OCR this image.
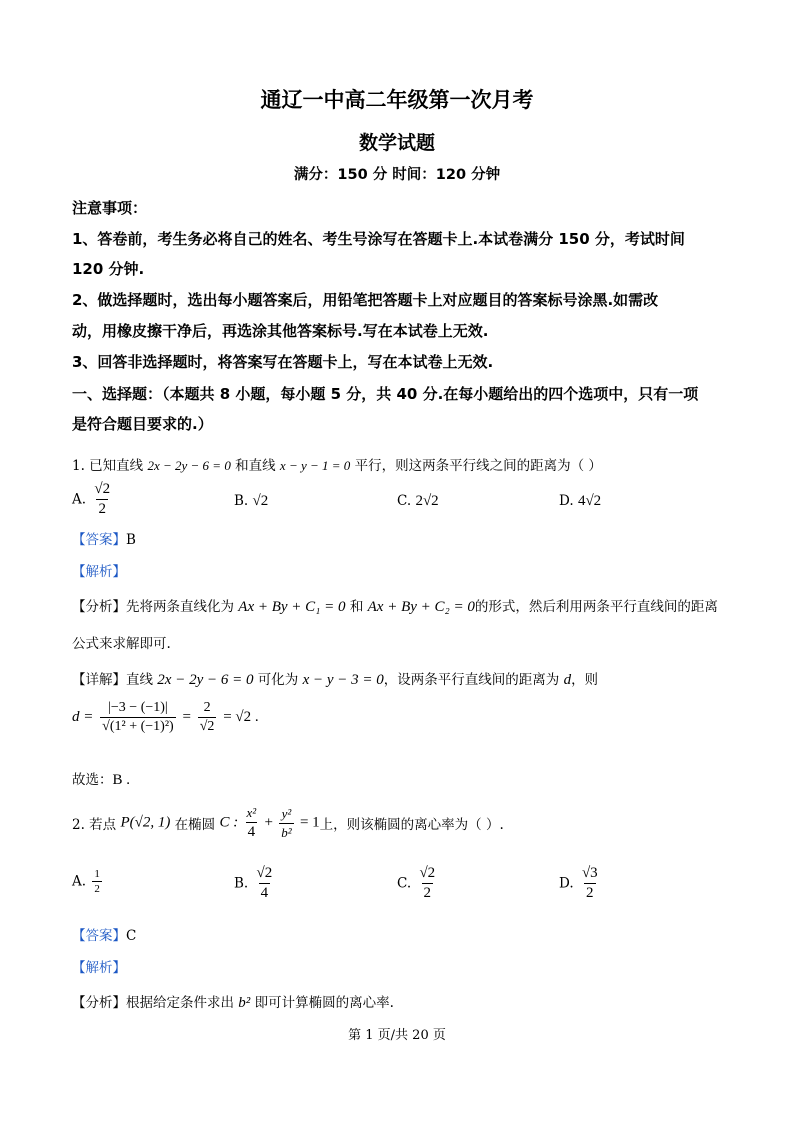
通辽一中高二年级第一次月考
数学试题
满分：150 分 时间：120 分钟
注意事项：
1、答卷前，考生务必将自己的姓名、考生号涂写在答题卡上.本试卷满分 150 分，考试时间
120 分钟.
2、做选择题时，选出每小题答案后，用铅笔把答题卡上对应题目的答案标号涂黑.如需改
动，用橡皮擦干净后，再选涂其他答案标号.写在本试卷上无效.
3、回答非选择题时，将答案写在答题卡上，写在本试卷上无效.
一、选择题：（本题共 8 小题，每小题 5 分，共 40 分.在每小题给出的四个选项中，只有一项
是符合题目要求的.）
1. 已知直线 2x − 2y − 6 = 0 和直线 x − y − 1 = 0 平行，则这两条平行线之间的距离为（ ）
A. $\frac{√2}{2}$	B. √2	C. 2√2	D. 4√2
【答案】B
【解析】
【分析】先将两条直线化为 Ax + By + C₁ = 0 和 Ax + By + C₂ = 0的形式，然后利用两条平行直线间的距离
公式来求解即可.
【详解】直线 2x − 2y − 6 = 0 可化为 x − y − 3 = 0，设两条平行直线间的距离为 d，则
$d = \frac{|-3 - (-1)|}{\text{√(1² + (−1)²)}} = \frac{2}{√2} = √2$ .
故选：B .
2. 若点 P(√2, 1) 在椭圆 C : $\frac{\text{x²}}{4} + \frac{\text{y²}}{\text{b²}} = 1$上，则该椭圆的离心率为（ ）.
A. $\frac{1}{2}$	B. $\frac{√2}{4}$	C. $\frac{√2}{2}$	D. $\frac{√3}{2}$
【答案】C
【解析】
【分析】根据给定条件求出 b² 即可计算椭圆的离心率.
第 1 页/共 20 页
